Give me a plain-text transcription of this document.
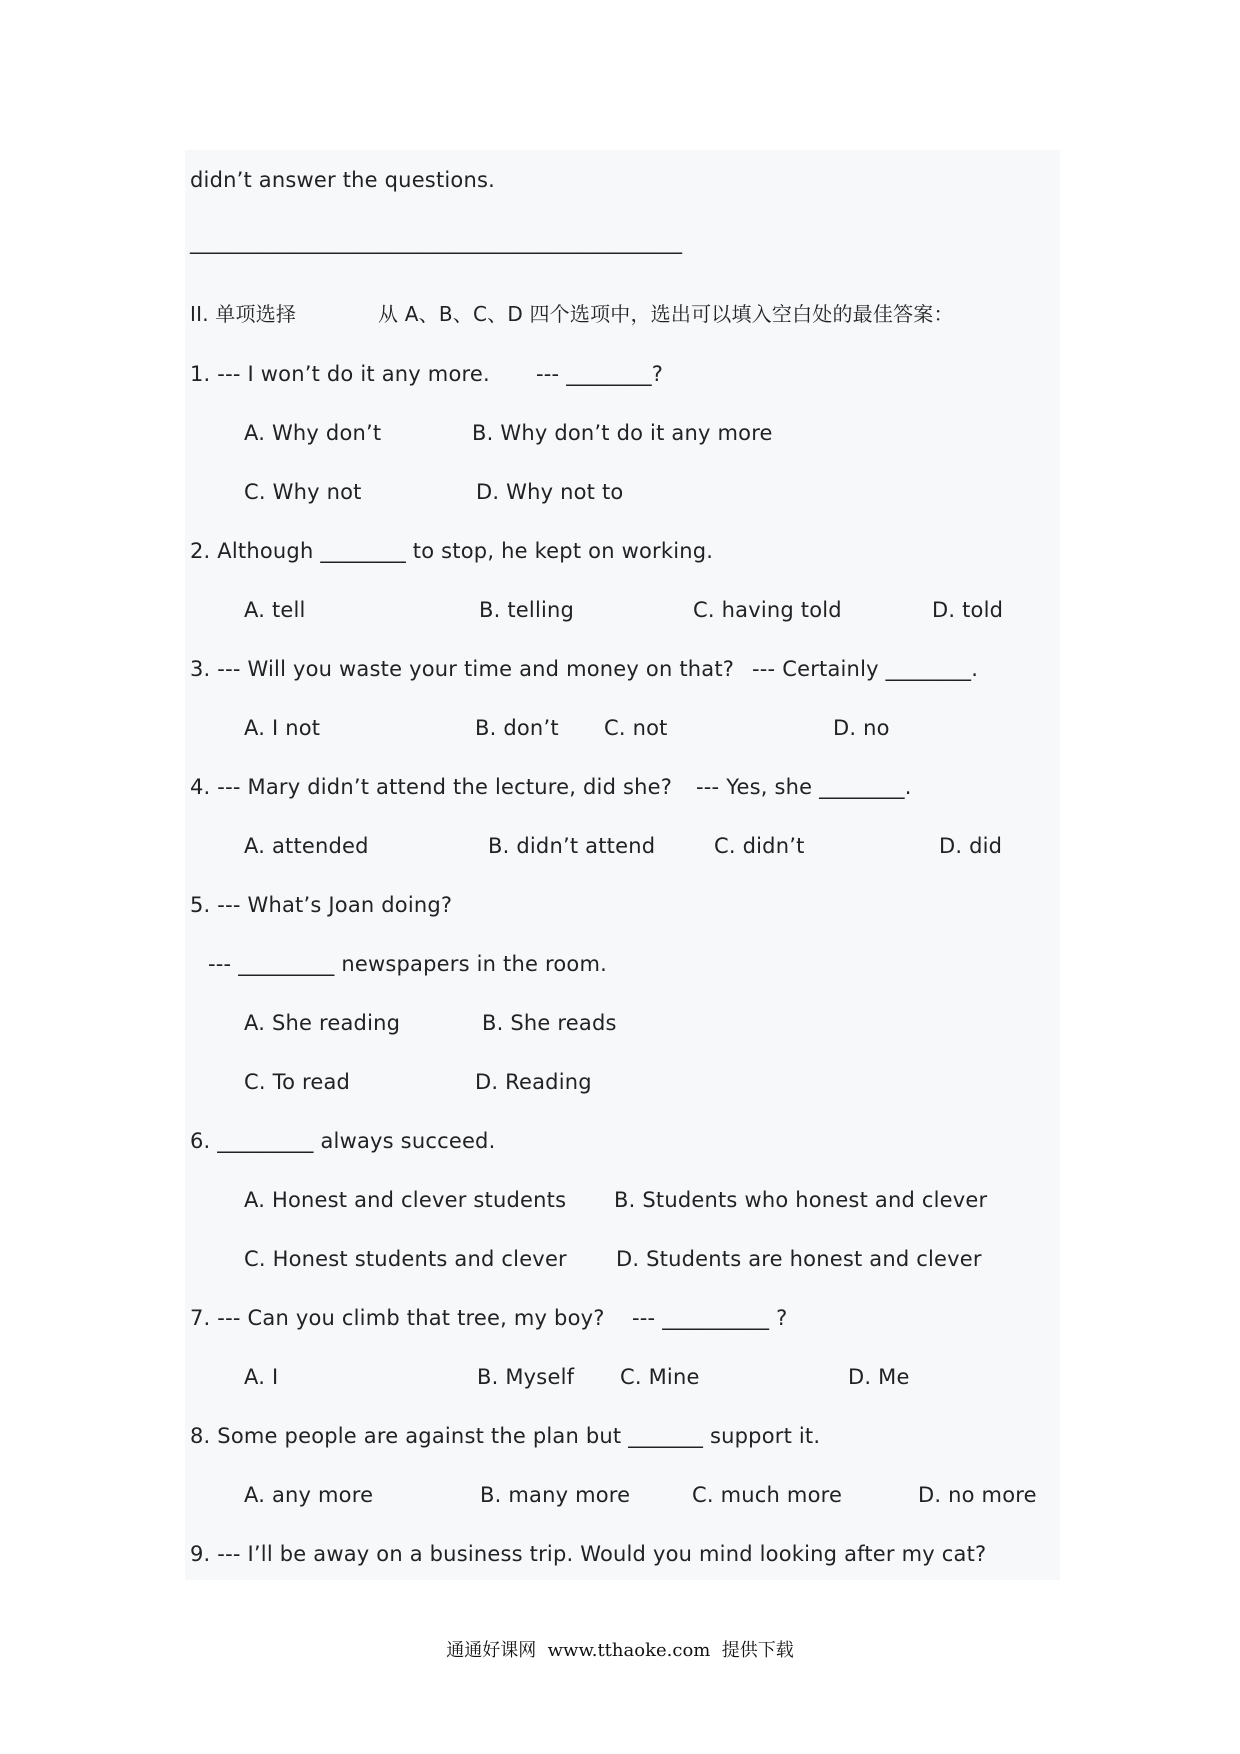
didn’t answer the questions.
______________________________________________
II. 单项选择	从 A、B、C、D 四个选项中，选出可以填入空白处的最佳答案：
1. --- I won’t do it any more. --- ________?
A. Why don’t	B. Why don’t do it any more
C. Why not	D. Why not to
2. Although ________ to stop, he kept on working.
A. tell	B. telling	C. having told	D. told
3. --- Will you waste your time and money on that? --- Certainly ________.
A. I not	B. don’t C. not	D. no
4. --- Mary didn’t attend the lecture, did she? --- Yes, she ________.
A. attended	B. didn’t attend	C. didn’t	D. did
5. --- What’s Joan doing?
--- _________ newspapers in the room.
A. She reading	B. She reads
C. To read	D. Reading
6. _________ always succeed.
A. Honest and clever students B. Students who honest and clever
C. Honest students and clever D. Students are honest and clever
7. --- Can you climb that tree, my boy? --- __________ ?
A. I	B. Myself C. Mine	D. Me
8. Some people are against the plan but _______ support it.
A. any more	B. many more	C. much more	D. no more
9. --- I’ll be away on a business trip. Would you mind looking after my cat?
通通好课网  www.tthaoke.com  提供下载
